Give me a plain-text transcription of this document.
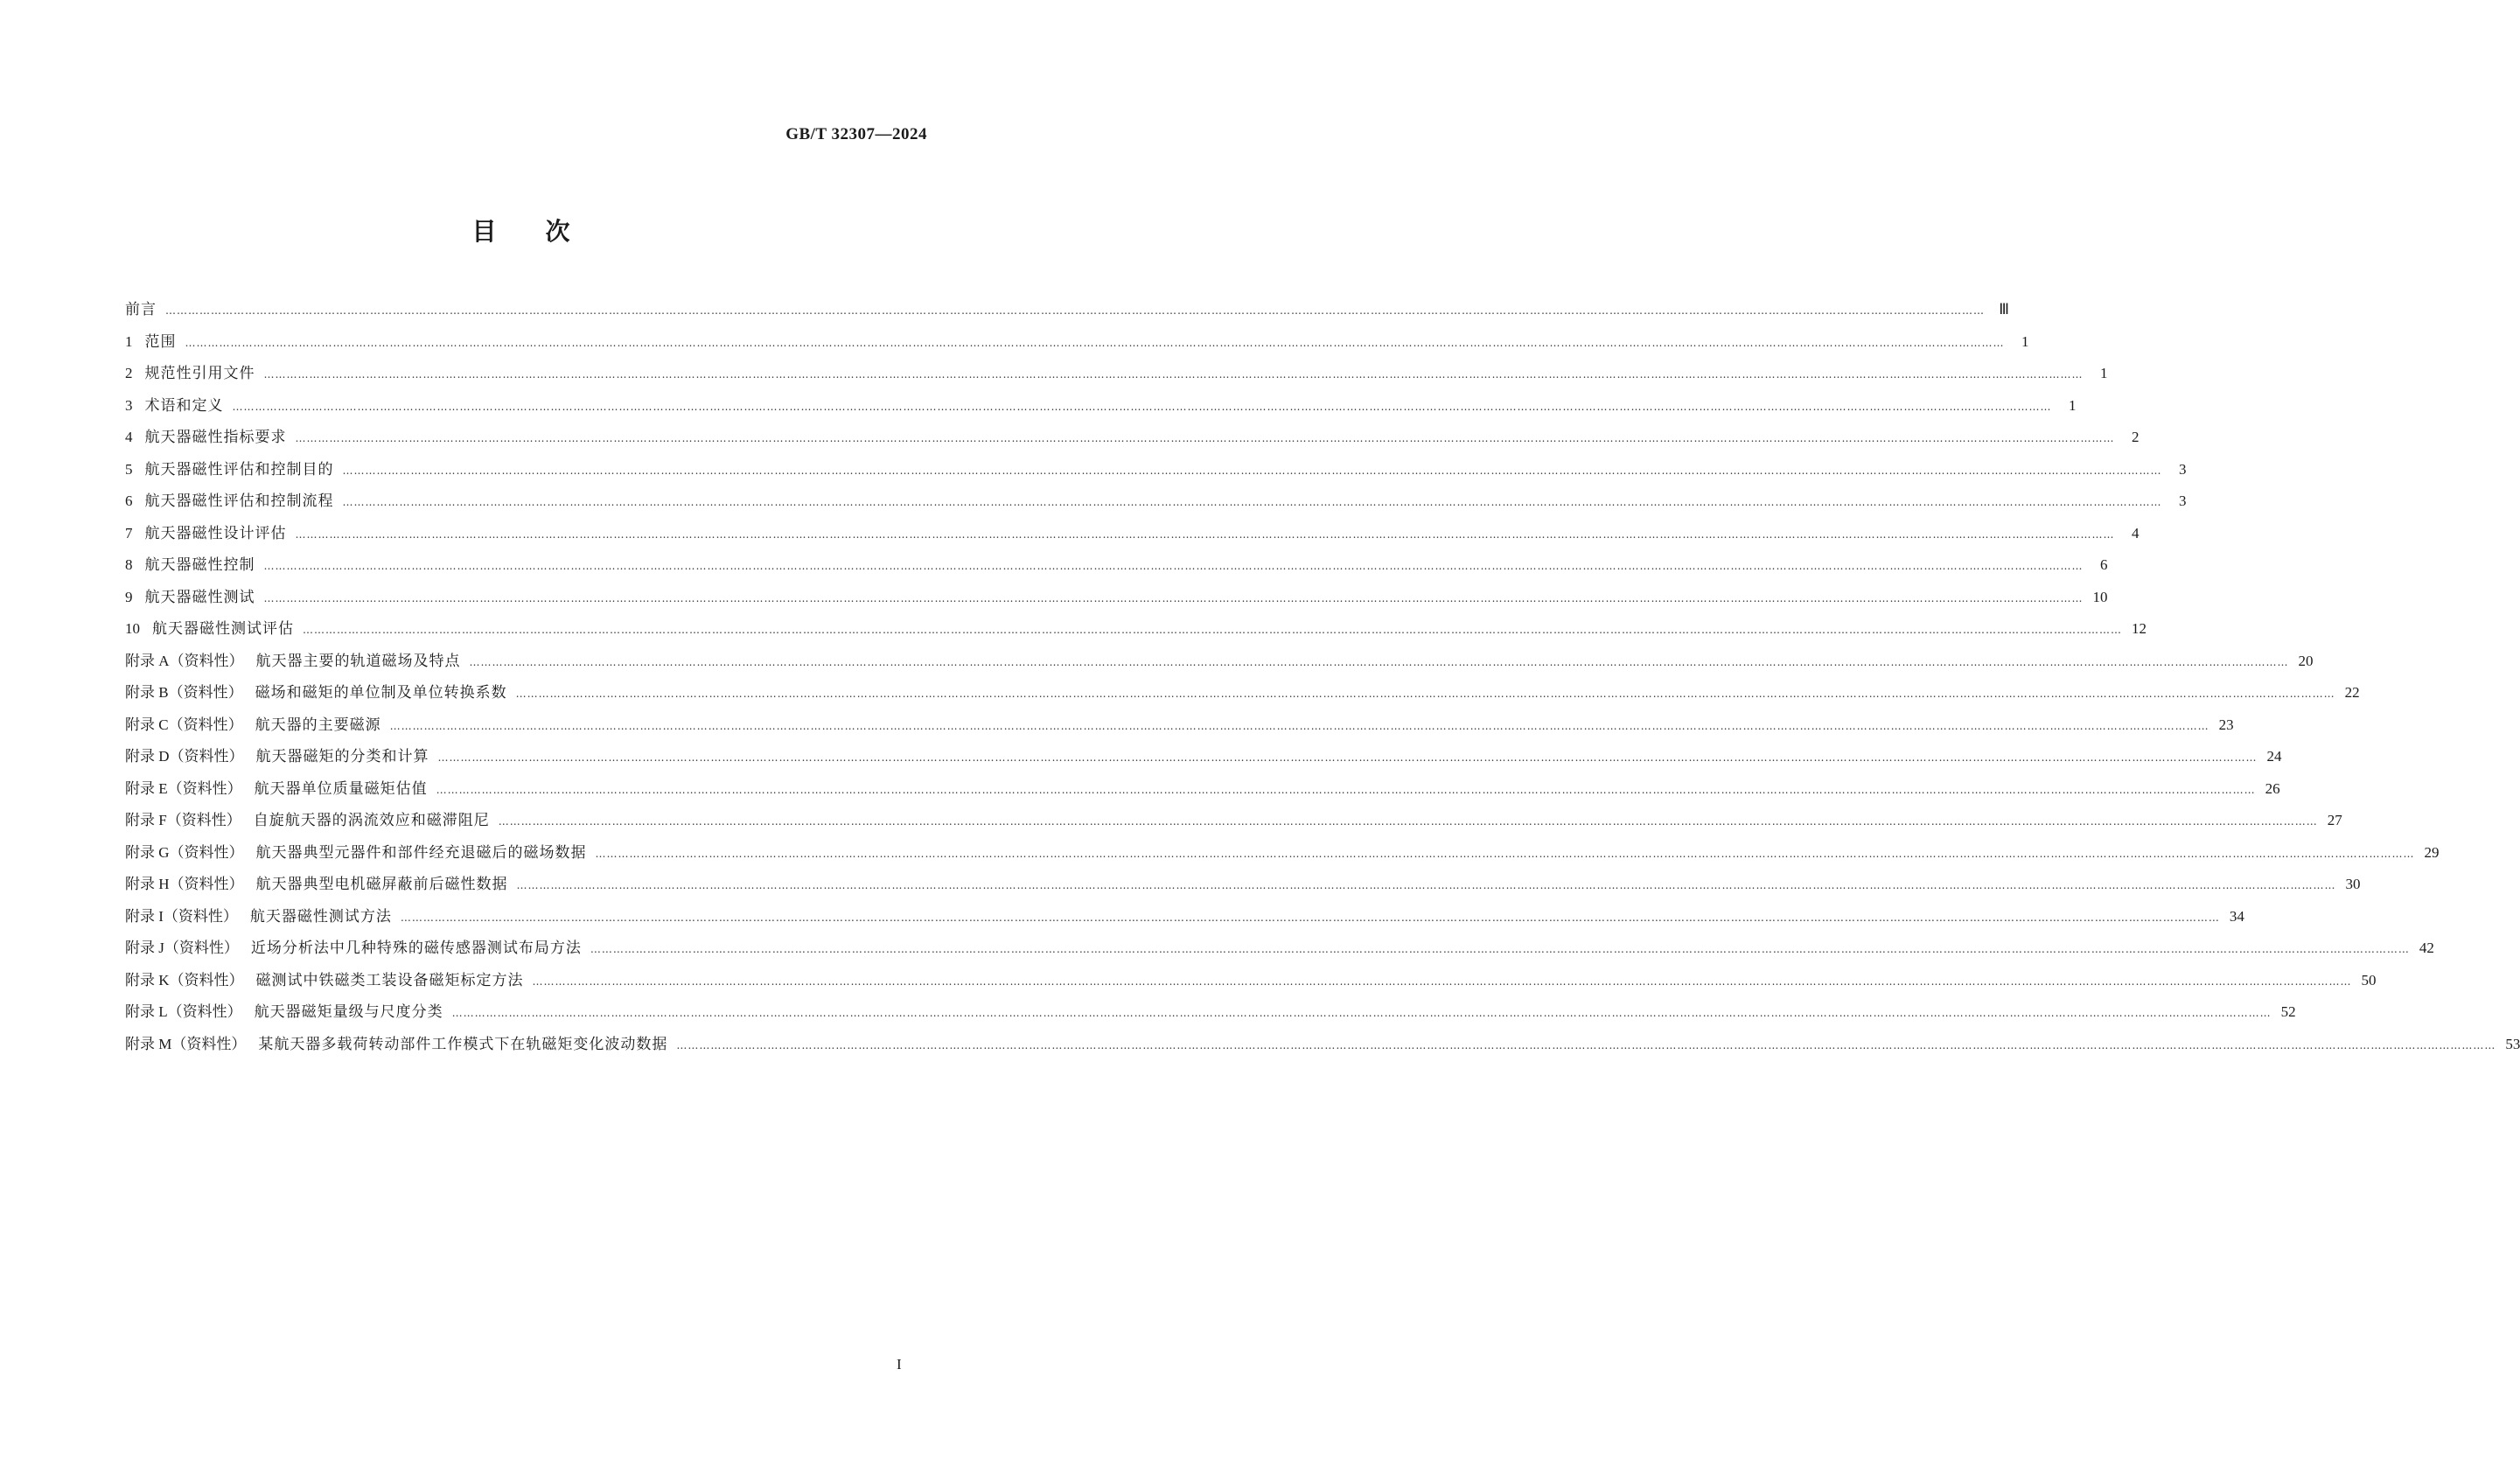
GB/T 32307—2024
目次
前言 ………………………………………………………………………………………………………………………………………………………………………………………………………………………………………………………………………………………………………………………………………………………………………………………………………………………………………… Ⅲ
1 范围 …………………………………………………………………………………………………………………………………………………………………………………………………………………………………………………………………………………………………………………………………………………………………………………………………………………………………………	1
2 规范性引用文件 …………………………………………………………………………………………………………………………………………………………………………………………………………………………………………………………………………………………………………………………………………………………………………………………………………………………………………	1
3 术语和定义 …………………………………………………………………………………………………………………………………………………………………………………………………………………………………………………………………………………………………………………………………………………………………………………………………………………………………………	1
4 航天器磁性指标要求 …………………………………………………………………………………………………………………………………………………………………………………………………………………………………………………………………………………………………………………………………………………………………………………………………………………………………………	2
5 航天器磁性评估和控制目的 …………………………………………………………………………………………………………………………………………………………………………………………………………………………………………………………………………………………………………………………………………………………………………………………………………………………………………	3
6 航天器磁性评估和控制流程 …………………………………………………………………………………………………………………………………………………………………………………………………………………………………………………………………………………………………………………………………………………………………………………………………………………………………………	3
7 航天器磁性设计评估 …………………………………………………………………………………………………………………………………………………………………………………………………………………………………………………………………………………………………………………………………………………………………………………………………………………………………………	4
8 航天器磁性控制 …………………………………………………………………………………………………………………………………………………………………………………………………………………………………………………………………………………………………………………………………………………………………………………………………………………………………………	6
9 航天器磁性测试 ………………………………………………………………………………………………………………………………………………………………………………………………………………………………………………………………………………………………………………………………………………………………………………………………………………………………………… 10
10 航天器磁性测试评估 ………………………………………………………………………………………………………………………………………………………………………………………………………………………………………………………………………………………………………………………………………………………………………………………………………………………………………… 12
附录 A（资料性） 航天器主要的轨道磁场及特点 ………………………………………………………………………………………………………………………………………………………………………………………………………………………………………………………………………………………………………………………………………………………………………………………………………………………………………… 20
附录 B（资料性） 磁场和磁矩的单位制及单位转换系数 ………………………………………………………………………………………………………………………………………………………………………………………………………………………………………………………………………………………………………………………………………………………………………………………………………………………………………… 22
附录 C（资料性） 航天器的主要磁源 ………………………………………………………………………………………………………………………………………………………………………………………………………………………………………………………………………………………………………………………………………………………………………………………………………………………………………… 23
附录 D（资料性） 航天器磁矩的分类和计算 ………………………………………………………………………………………………………………………………………………………………………………………………………………………………………………………………………………………………………………………………………………………………………………………………………………………………………… 24
附录 E（资料性） 航天器单位质量磁矩估值 ………………………………………………………………………………………………………………………………………………………………………………………………………………………………………………………………………………………………………………………………………………………………………………………………………………………………………… 26
附录 F（资料性） 自旋航天器的涡流效应和磁滞阻尼 ………………………………………………………………………………………………………………………………………………………………………………………………………………………………………………………………………………………………………………………………………………………………………………………………………………………………………… 27
附录 G（资料性） 航天器典型元器件和部件经充退磁后的磁场数据 ………………………………………………………………………………………………………………………………………………………………………………………………………………………………………………………………………………………………………………………………………………………………………………………………………………………………………… 29
附录 H（资料性） 航天器典型电机磁屏蔽前后磁性数据 ………………………………………………………………………………………………………………………………………………………………………………………………………………………………………………………………………………………………………………………………………………………………………………………………………………………………………… 30
附录 I（资料性） 航天器磁性测试方法 ………………………………………………………………………………………………………………………………………………………………………………………………………………………………………………………………………………………………………………………………………………………………………………………………………………………………………… 34
附录 J（资料性） 近场分析法中几种特殊的磁传感器测试布局方法 ………………………………………………………………………………………………………………………………………………………………………………………………………………………………………………………………………………………………………………………………………………………………………………………………………………………………………… 42
附录 K（资料性） 磁测试中铁磁类工装设备磁矩标定方法 ………………………………………………………………………………………………………………………………………………………………………………………………………………………………………………………………………………………………………………………………………………………………………………………………………………………………………… 50
附录 L（资料性） 航天器磁矩量级与尺度分类 ………………………………………………………………………………………………………………………………………………………………………………………………………………………………………………………………………………………………………………………………………………………………………………………………………………………………………… 52
附录 M（资料性） 某航天器多载荷转动部件工作模式下在轨磁矩变化波动数据 ………………………………………………………………………………………………………………………………………………………………………………………………………………………………………………………………………………………………………………………………………………………………………………………………………………………………………… 53
I
